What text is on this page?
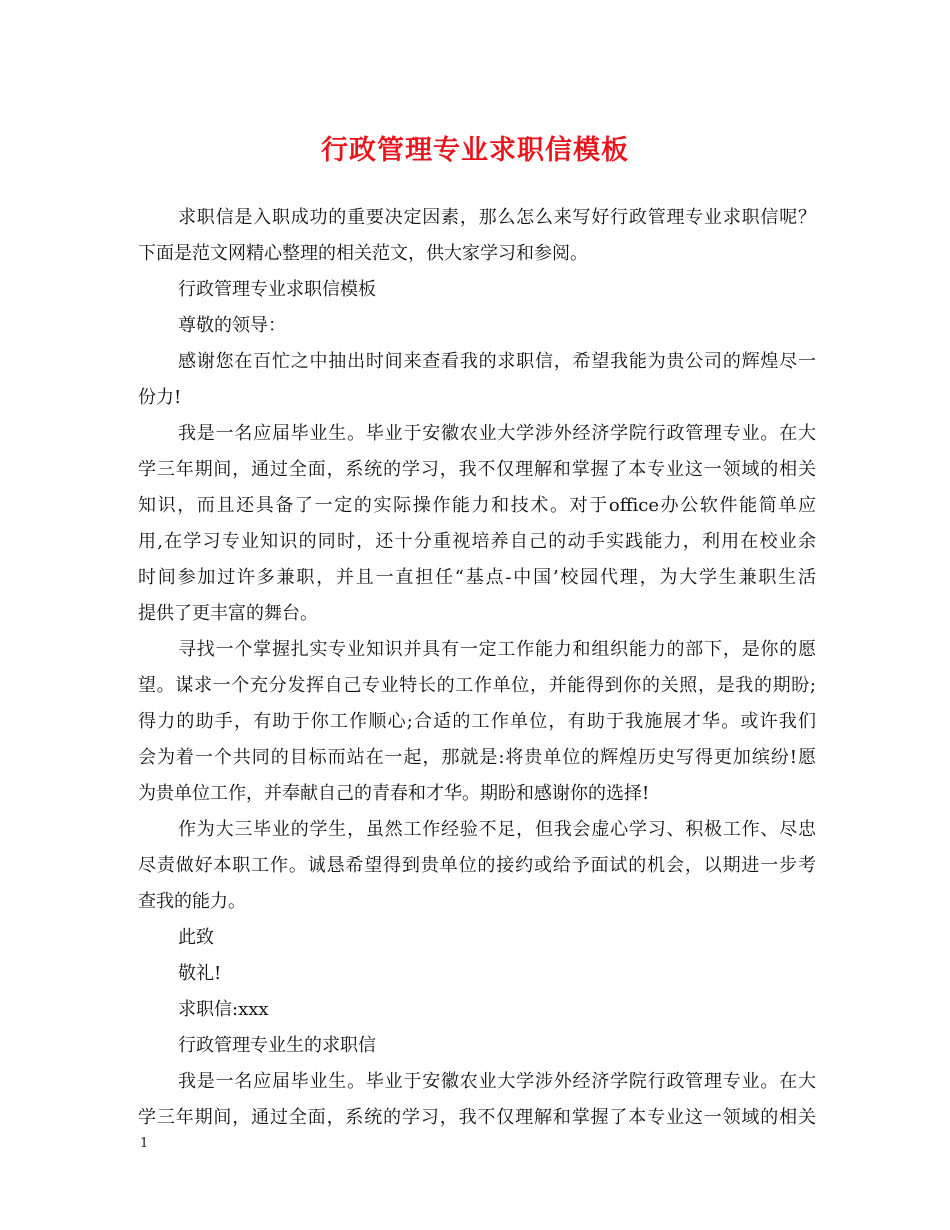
行政管理专业求职信模板
求职信是入职成功的重要决定因素，那么怎么来写好行政管理专业求职信呢？
下面是范文网精心整理的相关范文，供大家学习和参阅。
行政管理专业求职信模板
尊敬的领导：
感谢您在百忙之中抽出时间来查看我的求职信，希望我能为贵公司的辉煌尽一
份力!
我是一名应届毕业生。毕业于安徽农业大学涉外经济学院行政管理专业。在大
学三年期间，通过全面，系统的学习，我不仅理解和掌握了本专业这一领域的相关
知识，而且还具备了一定的实际操作能力和技术。对于office办公软件能简单应
用,在学习专业知识的同时，还十分重视培养自己的动手实践能力，利用在校业余
时间参加过许多兼职，并且一直担任“基点-中国’校园代理，为大学生兼职生活
提供了更丰富的舞台。
寻找一个掌握扎实专业知识并具有一定工作能力和组织能力的部下，是你的愿
望。谋求一个充分发挥自己专业特长的工作单位，并能得到你的关照，是我的期盼;
得力的助手，有助于你工作顺心;合适的工作单位，有助于我施展才华。或许我们
会为着一个共同的目标而站在一起，那就是:将贵单位的辉煌历史写得更加缤纷!愿
为贵单位工作，并奉献自己的青春和才华。期盼和感谢你的选择!
作为大三毕业的学生，虽然工作经验不足，但我会虚心学习、积极工作、尽忠
尽责做好本职工作。诚恳希望得到贵单位的接约或给予面试的机会，以期进一步考
查我的能力。
此致
敬礼!
求职信:xxx
行政管理专业生的求职信
我是一名应届毕业生。毕业于安徽农业大学涉外经济学院行政管理专业。在大
学三年期间，通过全面，系统的学习，我不仅理解和掌握了本专业这一领域的相关
1
